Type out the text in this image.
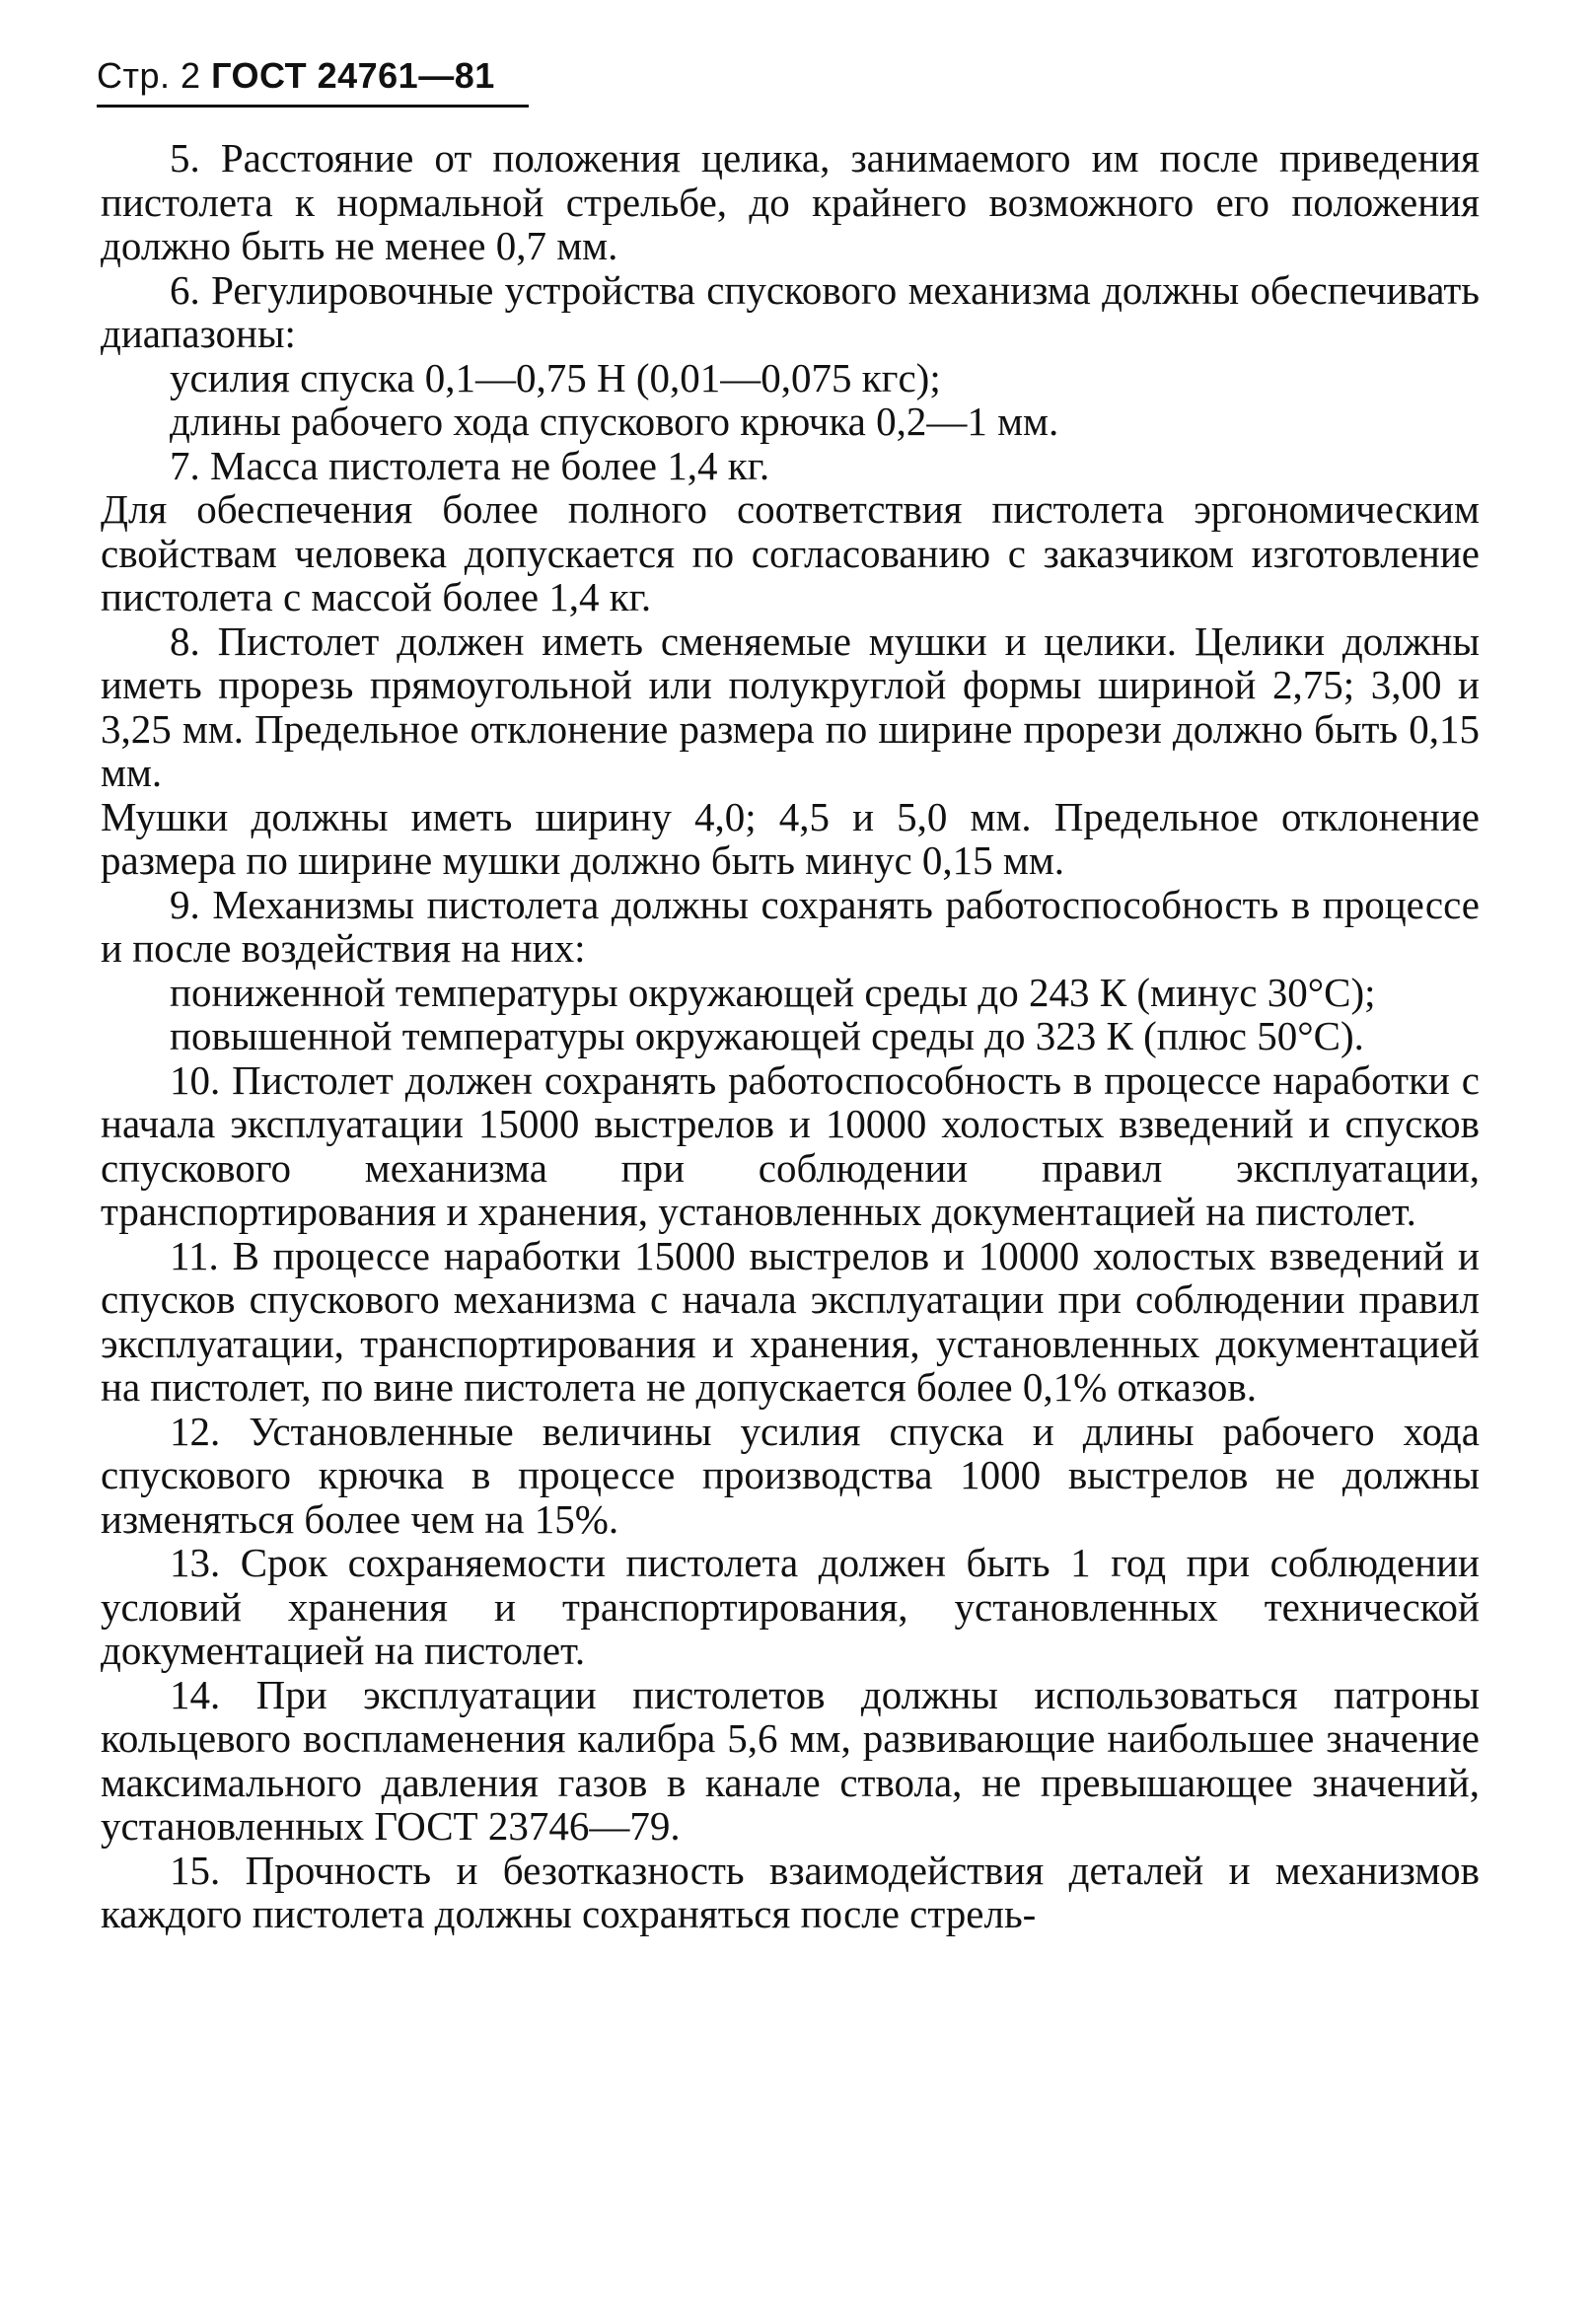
Стр. 2 ГОСТ 24761—81

5. Расстояние от положения целика, занимаемого им после приведения пистолета к нормальной стрельбе, до крайнего возможного его положения должно быть не менее 0,7 мм.

6. Регулировочные устройства спускового механизма должны обеспечивать диапазоны:

усилия спуска 0,1—0,75 Н (0,01—0,075 кгс);

длины рабочего хода спускового крючка 0,2—1 мм.

7. Масса пистолета не более 1,4 кг.

Для обеспечения более полного соответствия пистолета эргономическим свойствам человека допускается по согласованию с заказчиком изготовление пистолета с массой более 1,4 кг.

8. Пистолет должен иметь сменяемые мушки и целики. Целики должны иметь прорезь прямоугольной или полукруглой формы шириной 2,75; 3,00 и 3,25 мм. Предельное отклонение размера по ширине прорези должно быть 0,15 мм.

Мушки должны иметь ширину 4,0; 4,5 и 5,0 мм. Предельное отклонение размера по ширине мушки должно быть минус 0,15 мм.

9. Механизмы пистолета должны сохранять работоспособность в процессе и после воздействия на них:

пониженной температуры окружающей среды до 243 К (минус 30°С);

повышенной температуры окружающей среды до 323 К (плюс 50°С).

10. Пистолет должен сохранять работоспособность в процессе наработки с начала эксплуатации 15000 выстрелов и 10000 холостых взведений и спусков спускового механизма при соблюдении правил эксплуатации, транспортирования и хранения, установленных документацией на пистолет.

11. В процессе наработки 15000 выстрелов и 10000 холостых взведений и спусков спускового механизма с начала эксплуатации при соблюдении правил эксплуатации, транспортирования и хранения, установленных документацией на пистолет, по вине пистолета не допускается более 0,1% отказов.

12. Установленные величины усилия спуска и длины рабочего хода спускового крючка в процессе производства 1000 выстрелов не должны изменяться более чем на 15%.

13. Срок сохраняемости пистолета должен быть 1 год при соблюдении условий хранения и транспортирования, установленных технической документацией на пистолет.

14. При эксплуатации пистолетов должны использоваться патроны кольцевого воспламенения калибра 5,6 мм, развивающие наибольшее значение максимального давления газов в канале ствола, не превышающее значений, установленных ГОСТ 23746—79.

15. Прочность и безотказность взаимодействия деталей и механизмов каждого пистолета должны сохраняться после стрель-
